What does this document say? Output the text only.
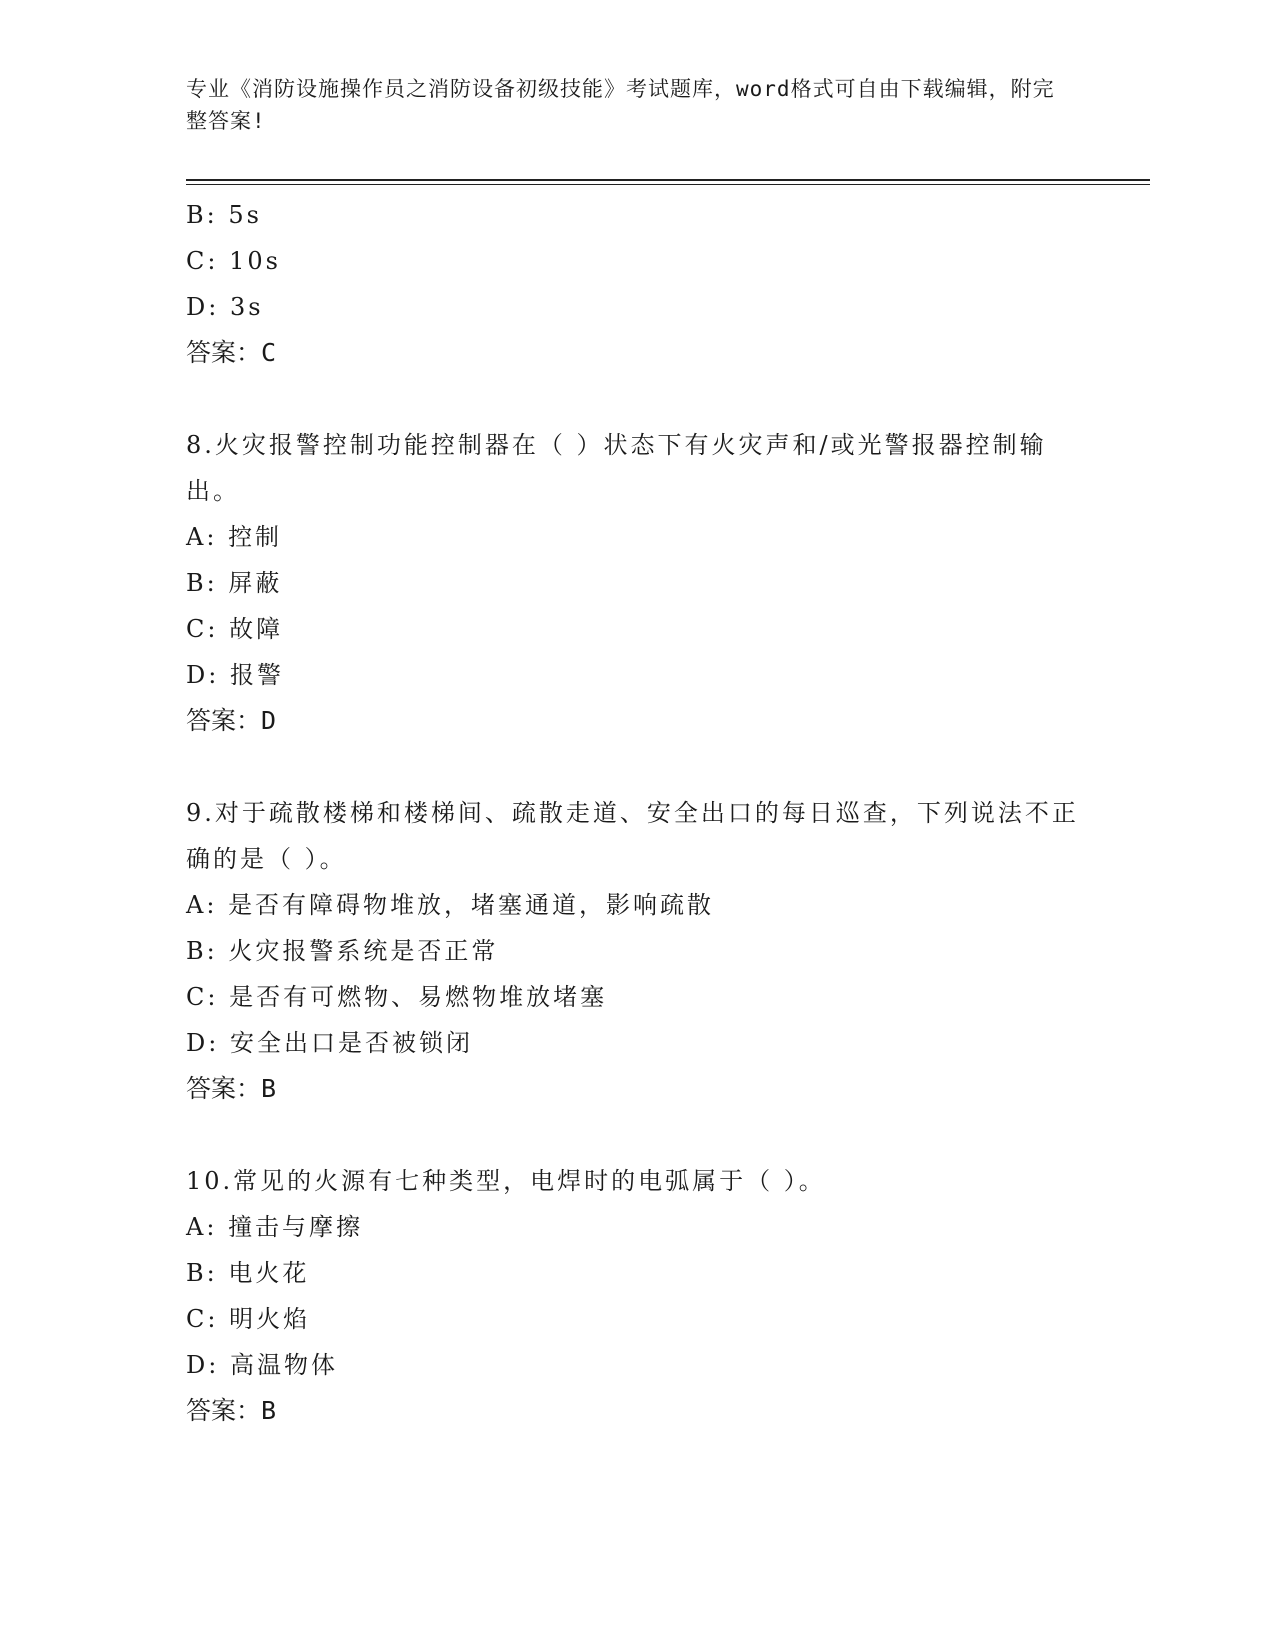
专业《消防设施操作员之消防设备初级技能》考试题库，word格式可自由下载编辑，附完整答案!
B: 5s
C: 10s
D: 3s
答案：C
8.火灾报警控制功能控制器在（ ）状态下有火灾声和/或光警报器控制输出。
A: 控制
B: 屏蔽
C: 故障
D: 报警
答案：D
9.对于疏散楼梯和楼梯间、疏散走道、安全出口的每日巡查，下列说法不正确的是（ ）。
A: 是否有障碍物堆放，堵塞通道，影响疏散
B: 火灾报警系统是否正常
C: 是否有可燃物、易燃物堆放堵塞
D: 安全出口是否被锁闭
答案：B
10.常见的火源有七种类型，电焊时的电弧属于（ ）。
A: 撞击与摩擦
B: 电火花
C: 明火焰
D: 高温物体
答案：B
